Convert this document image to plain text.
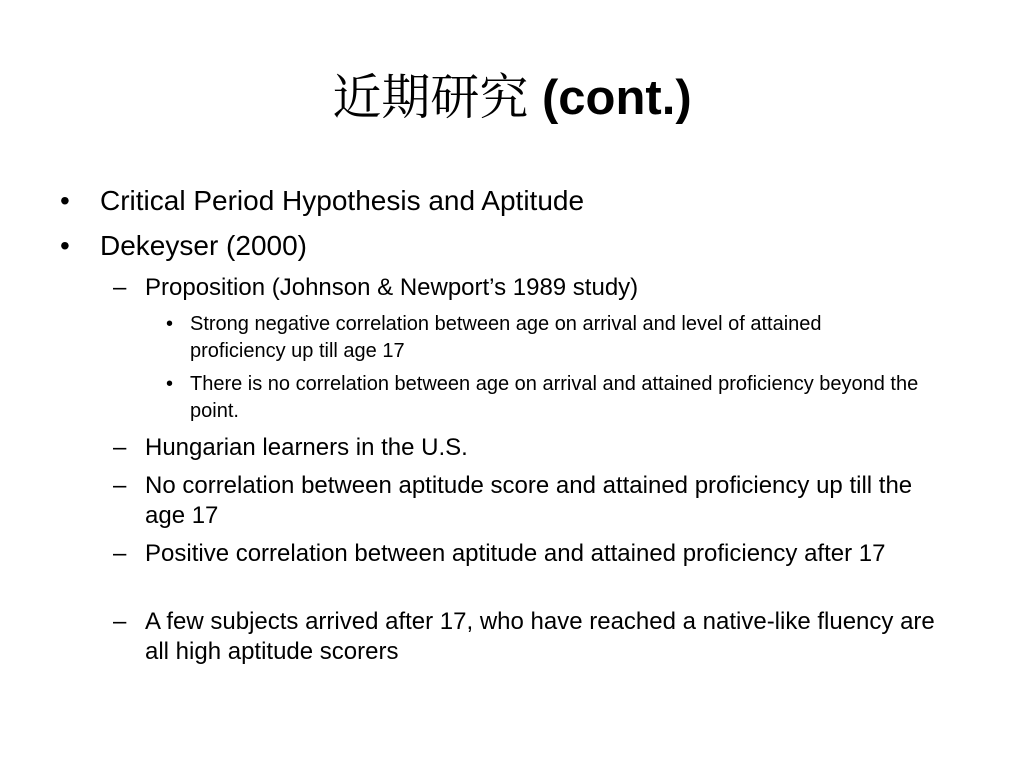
近期研究 (cont.)
• Critical Period Hypothesis and Aptitude
• Dekeyser (2000)
– Proposition (Johnson & Newport’s 1989 study)
• Strong negative correlation between age on arrival and level of attained proficiency up till age 17
• There is no correlation between age on arrival and attained proficiency beyond the point.
– Hungarian learners in the U.S.
– No correlation between aptitude score and attained proficiency up till the age 17
– Positive correlation between aptitude and attained proficiency after 17
– A few subjects arrived after 17, who have reached a native-like fluency are all high aptitude scorers
